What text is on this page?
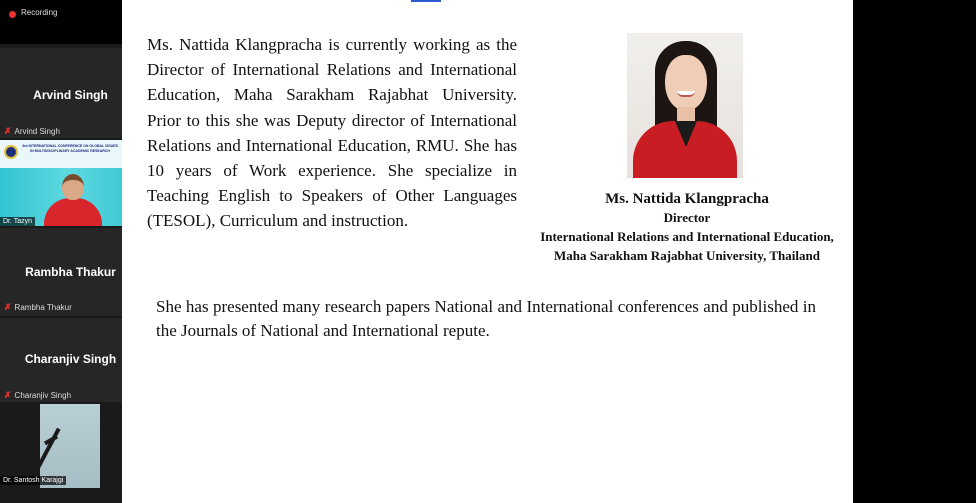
Recording
Arvind Singh
✗ Arvind Singh
3rd INTERNATIONAL CONFERENCE ON GLOBAL ISSUES IN MULTIDISCIPLINARY ACADEMIC RESEARCH
Dr. Tazyn
Rambha Thakur
✗ Rambha Thakur
Charanjiv Singh
✗ Charanjiv Singh
Dr. Santosh Karajgi
Ms. Nattida Klangpracha is currently working as the Director of International Relations and International Education, Maha Sarakham Rajabhat University. Prior to this she was Deputy director of International Relations and International Education, RMU. She has 10 years of Work experience. She specialize in Teaching English to Speakers of Other Languages (TESOL), Curriculum and instruction.
Ms. Nattida Klangpracha
Director
International Relations and International Education,
Maha Sarakham Rajabhat University, Thailand
She has presented many research papers National and International conferences and published in the Journals of National and International repute.
